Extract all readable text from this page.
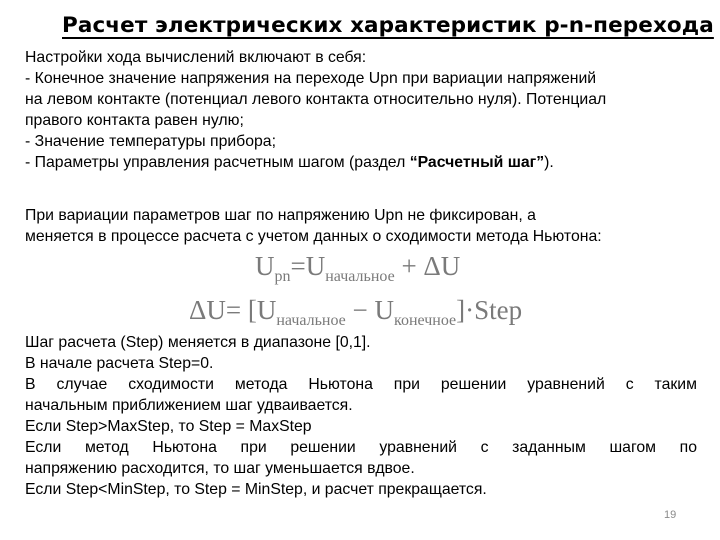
Расчет электрических характеристик p-n-перехода
Настройки хода вычислений включают в себя:
- Конечное значение напряжения на переходе Upn при вариации напряжений
на левом контакте (потенциал левого контакта относительно нуля). Потенциал
правого контакта равен нулю;
- Значение температуры прибора;
- Параметры управления расчетным шагом (раздел “Расчетный шаг”).
При вариации параметров шаг по напряжению Upn не фиксирован, а
меняется в процессе расчета с учетом данных о сходимости метода Ньютона:
$U_{pn}=U_{начальное} + \Delta U$
$\Delta U= [U_{начальное}$ − $U_{конечное}]\cdot Step$
Шаг расчета (Step) меняется в диапазоне [0,1].
В начале расчета Step=0.
В случае сходимости метода Ньютона при решении уравнений с таким
начальным приближением шаг удваивается.
Если Step>MaxStep, то Step = MaxStep
Если метод Ньютона при решении уравнений с заданным шагом по
напряжению расходится, то шаг уменьшается вдвое.
Если Step<MinStep, то Step = MinStep, и расчет прекращается.
19
